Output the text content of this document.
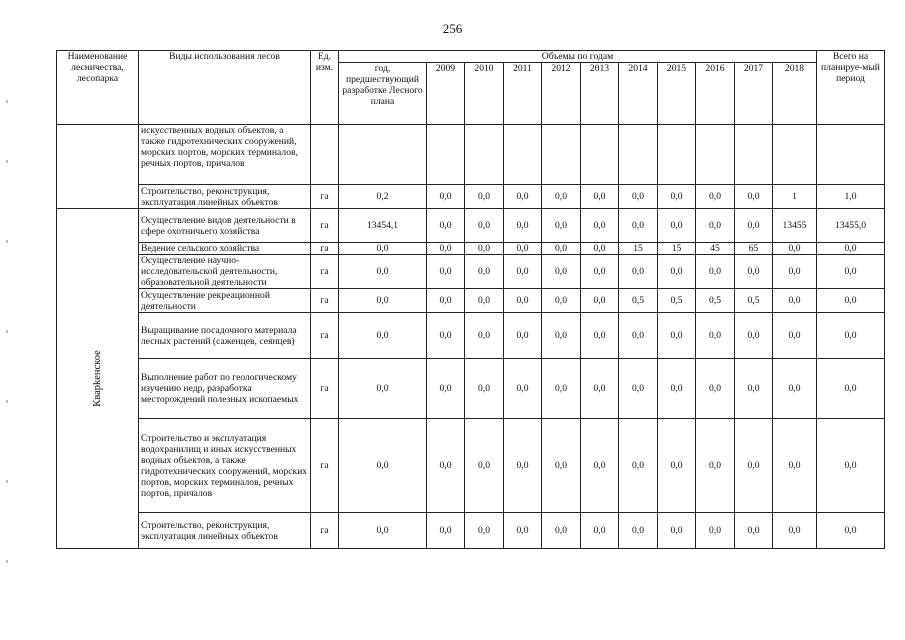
256
Наименование лесничества, лесопарка	Виды использования лесов	Ед. изм.	Объемы по годам											Всего на планируе-мый период
			год, предшествующий разработке Лесного плана	2009	2010	2011	2012	2013	2014	2015	2016	2017	2018	
	искусственных водных объектов, а также гидротехнических сооружений, морских портов, морских терминалов, речных портов, причалов													
	Строительство, реконструкция, эксплуатация линейных объектов	га	0,2	0,0	0,0	0,0	0,0	0,0	0,0	0,0	0,0	0,0	1	1,0
Кварkенское	Осуществление видов деятельности в сфере охотничьего хозяйства	га	13454,1	0,0	0,0	0,0	0,0	0,0	0,0	0,0	0,0	0,0	13455	13455,0
	Ведение сельского хозяйства	га	0,0	0,0	0,0	0,0	0,0	0,0	15	15	45	65	0,0	0,0
	Осуществление научно-исследовательской деятельности, образовательной деятельности	га	0,0	0,0	0,0	0,0	0,0	0,0	0,0	0,0	0,0	0,0	0,0	0,0
	Осуществление рекреационной деятельности	га	0,0	0,0	0,0	0,0	0,0	0,0	0,5	0,5	0,5	0,5	0,0	0,0
	Выращивание посадочного материала лесных растений (саженцев, сеянцев)	га	0,0	0,0	0,0	0,0	0,0	0,0	0,0	0,0	0,0	0,0	0,0	0,0
	Выполнение работ по геологическому изучению недр, разработка месторождений полезных ископаемых	га	0,0	0,0	0,0	0,0	0,0	0,0	0,0	0,0	0,0	0,0	0,0	0,0
	Строительство и эксплуатация водохранилищ и иных искусственных водных объектов, а также гидротехнических сооружений, морских портов, морских терминалов, речных портов, причалов	га	0,0	0,0	0,0	0,0	0,0	0,0	0,0	0,0	0,0	0,0	0,0	0,0
	Строительство, реконструкция, эксплуатация линейных объектов	га	0,0	0,0	0,0	0,0	0,0	0,0	0,0	0,0	0,0	0,0	0,0	0,0
